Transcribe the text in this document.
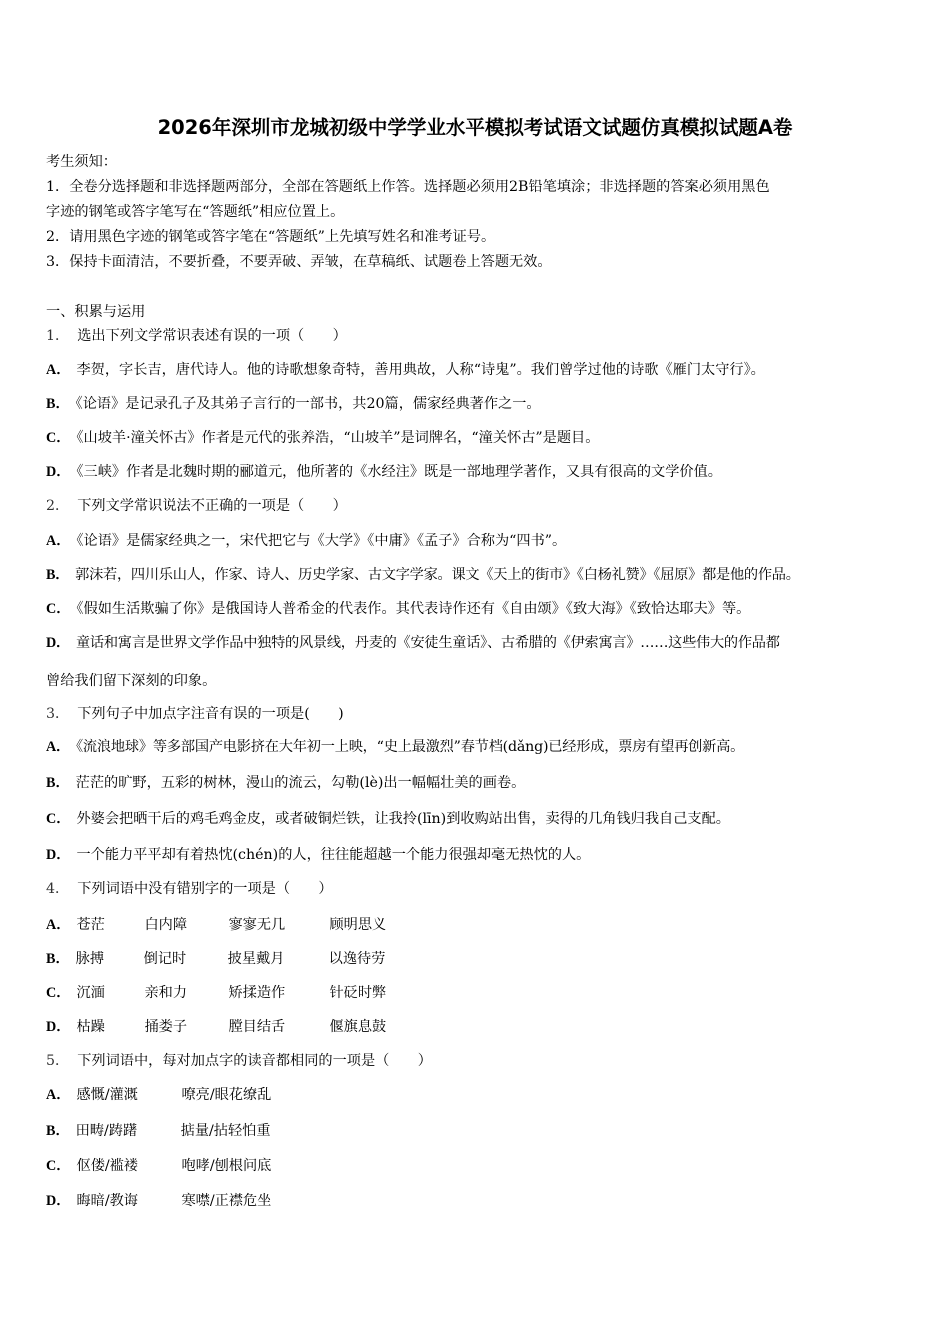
2026年深圳市龙城初级中学学业水平模拟考试语文试题仿真模拟试题A卷
考生须知：
1．全卷分选择题和非选择题两部分，全部在答题纸上作答。选择题必须用2B铅笔填涂；非选择题的答案必须用黑色
字迹的钢笔或答字笔写在“答题纸”相应位置上。
2．请用黑色字迹的钢笔或答字笔在“答题纸”上先填写姓名和准考证号。
3．保持卡面清洁，不要折叠，不要弄破、弄皱，在草稿纸、试题卷上答题无效。
一、积累与运用
1． 选出下列文学常识表述有误的一项（　　）
A． 李贺，字长吉，唐代诗人。他的诗歌想象奇特，善用典故，人称“诗鬼”。我们曾学过他的诗歌《雁门太守行》。
B． 《论语》是记录孔子及其弟子言行的一部书，共20篇，儒家经典著作之一。
C． 《山坡羊·潼关怀古》作者是元代的张养浩，“山坡羊”是词牌名，“潼关怀古”是题目。
D． 《三峡》作者是北魏时期的郦道元，他所著的《水经注》既是一部地理学著作，又具有很高的文学价值。
2． 下列文学常识说法不正确的一项是（　　）
A． 《论语》是儒家经典之一，宋代把它与《大学》《中庸》《孟子》合称为“四书”。
B． 郭沫若，四川乐山人，作家、诗人、历史学家、古文字学家。课文《天上的街市》《白杨礼赞》《屈原》都是他的作品。
C． 《假如生活欺骗了你》是俄国诗人普希金的代表作。其代表诗作还有《自由颂》《致大海》《致恰达耶夫》等。
D． 童话和寓言是世界文学作品中独特的风景线，丹麦的《安徒生童话》、古希腊的《伊索寓言》……这些伟大的作品都
曾给我们留下深刻的印象。
3． 下列句子中加点字注音有误的一项是(　　)
A． 《流浪地球》等多部国产电影挤在大年初一上映，“史上最激烈”春节档(dǎng)已经形成，票房有望再创新高。
B． 茫茫的旷野，五彩的树林，漫山的流云，勾勒(lè)出一幅幅壮美的画卷。
C． 外婆会把晒干后的鸡毛鸡金皮，或者破铜烂铁，让我拎(līn)到收购站出售，卖得的几角钱归我自己支配。
D． 一个能力平平却有着热忱(chén)的人，往往能超越一个能力很强却毫无热忱的人。
4． 下列词语中没有错别字的一项是（　　）
A． 苍茫	白内障	寥寥无几	顾明思义
B． 脉搏	倒记时	披星戴月	以逸待劳
C． 沉湎	亲和力	矫揉造作	针砭时弊
D． 枯躁	捅娄子	膛目结舌	偃旗息鼓
5． 下列词语中，每对加点字的读音都相同的一项是（　　）
A． 感慨/灌溉	嘹亮/眼花缭乱
B． 田畴/踌躇	掂量/拈轻怕重
C． 伛偻/褴褛	咆哮/刨根问底
D． 晦暗/教诲	寒噤/正襟危坐
